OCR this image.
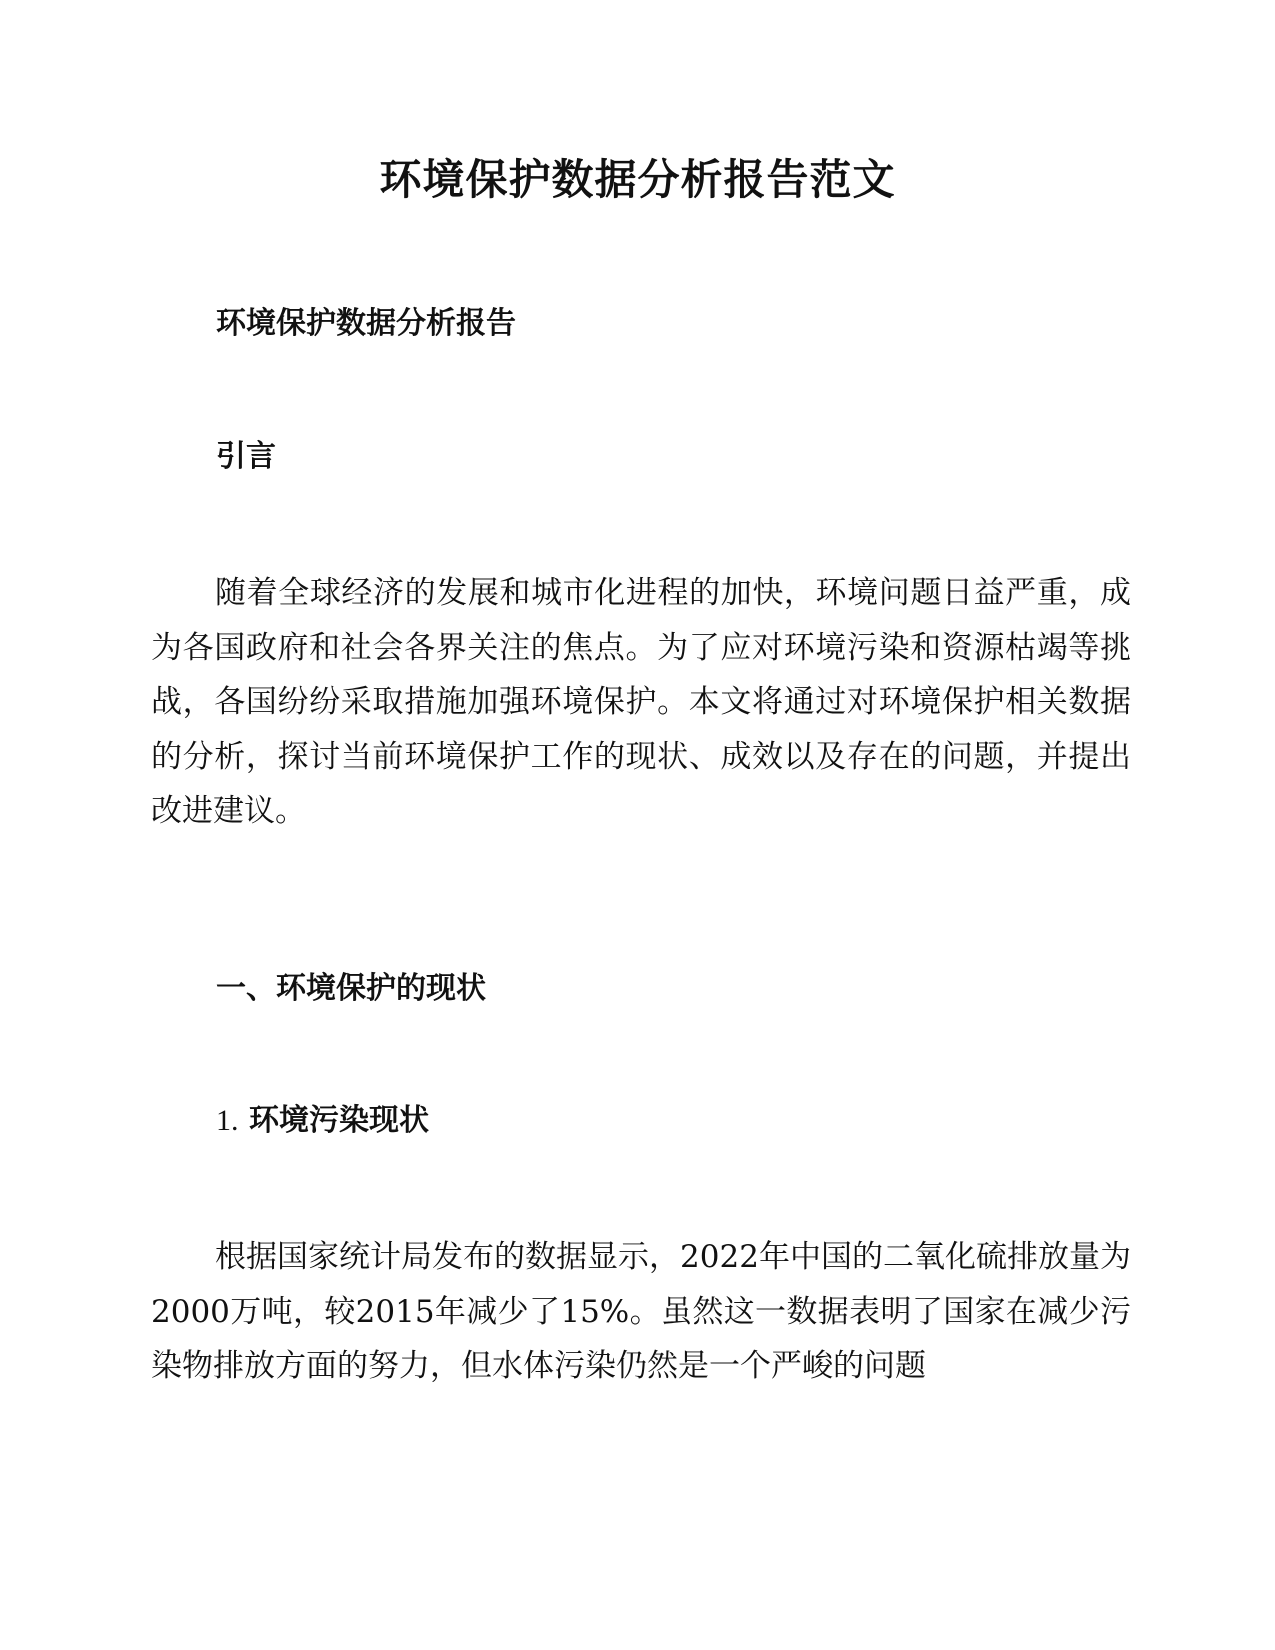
环境保护数据分析报告范文
环境保护数据分析报告
引言

随着全球经济的发展和城市化进程的加快，环境问题日益严重，成为各国政府和社会各界关注的焦点。为了应对环境污染和资源枯竭等挑战，各国纷纷采取措施加强环境保护。本文将通过对环境保护相关数据的分析，探讨当前环境保护工作的现状、成效以及存在的问题，并提出改进建议。

一、环境保护的现状
1. 环境污染现状

根据国家统计局发布的数据显示，2022年中国的二氧化硫排放量为2000万吨，较2015年减少了15%。虽然这一数据表明了国家在减少污染物排放方面的努力，但水体污染仍然是一个严峻的问题
